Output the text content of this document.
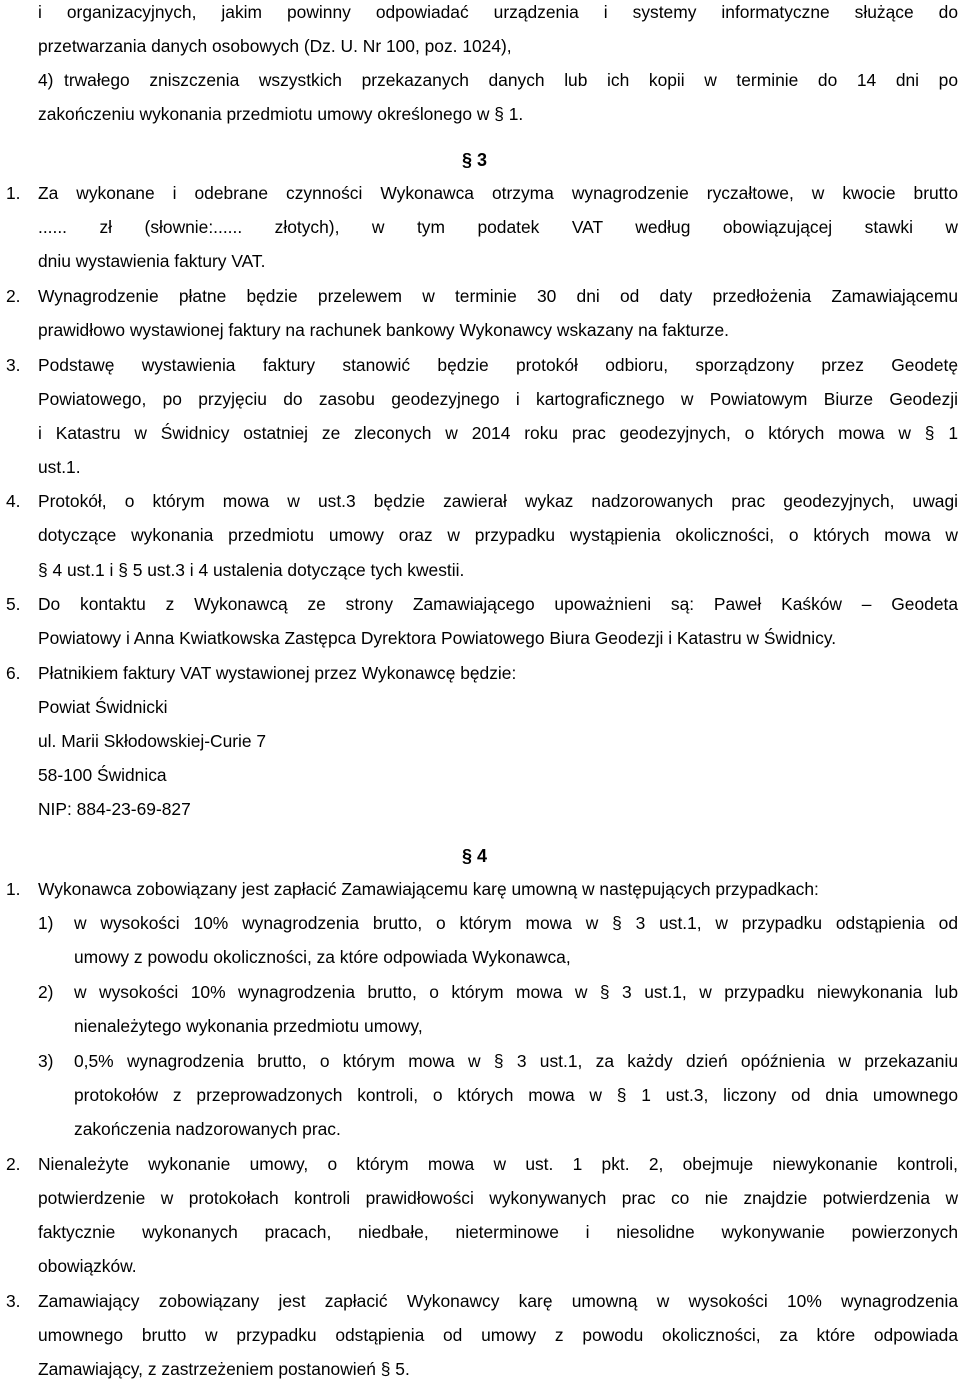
i organizacyjnych, jakim powinny odpowiadać urządzenia i systemy informatyczne służące do
przetwarzania danych osobowych (Dz. U. Nr 100, poz. 1024),
4) trwałego zniszczenia wszystkich przekazanych danych lub ich kopii w terminie do 14 dni po
zakończeniu wykonania przedmiotu umowy określonego w § 1.
§ 3
1. Za wykonane i odebrane czynności Wykonawca otrzyma wynagrodzenie ryczałtowe, w kwocie brutto
...... zł (słownie:...... złotych), w tym podatek VAT według obowiązującej stawki w
dniu wystawienia faktury VAT.
2. Wynagrodzenie płatne będzie przelewem w terminie 30 dni od daty przedłożenia Zamawiającemu
prawidłowo wystawionej faktury na rachunek bankowy Wykonawcy wskazany na fakturze.
3. Podstawę wystawienia faktury stanowić będzie protokół odbioru, sporządzony przez Geodetę
Powiatowego, po przyjęciu do zasobu geodezyjnego i kartograficznego w Powiatowym Biurze Geodezji
i Katastru w Świdnicy ostatniej ze zleconych w 2014 roku prac geodezyjnych, o których mowa w § 1
ust.1.
4. Protokół, o którym mowa w ust.3 będzie zawierał wykaz nadzorowanych prac geodezyjnych, uwagi
dotyczące wykonania przedmiotu umowy oraz w przypadku wystąpienia okoliczności, o których mowa w
§ 4 ust.1 i § 5 ust.3 i 4 ustalenia dotyczące tych kwestii.
5. Do kontaktu z Wykonawcą ze strony Zamawiającego upoważnieni są: Paweł Kaśków – Geodeta
Powiatowy i Anna Kwiatkowska Zastępca Dyrektora Powiatowego Biura Geodezji i Katastru w Świdnicy.
6. Płatnikiem faktury VAT wystawionej przez Wykonawcę będzie:
Powiat Świdnicki
ul. Marii Skłodowskiej-Curie 7
58-100 Świdnica
NIP: 884-23-69-827
§ 4
1. Wykonawca zobowiązany jest zapłacić Zamawiającemu karę umowną w następujących przypadkach:
1) w wysokości 10% wynagrodzenia brutto, o którym mowa w § 3 ust.1, w przypadku odstąpienia od
umowy z powodu okoliczności, za które odpowiada Wykonawca,
2) w wysokości 10% wynagrodzenia brutto, o którym mowa w § 3 ust.1, w przypadku niewykonania lub
nienależytego wykonania przedmiotu umowy,
3) 0,5% wynagrodzenia brutto, o którym mowa w § 3 ust.1, za każdy dzień opóźnienia w przekazaniu
protokołów z przeprowadzonych kontroli, o których mowa w § 1 ust.3, liczony od dnia umownego
zakończenia nadzorowanych prac.
2. Nienależyte wykonanie umowy, o którym mowa w ust. 1 pkt. 2, obejmuje niewykonanie kontroli,
potwierdzenie w protokołach kontroli prawidłowości wykonywanych prac co nie znajdzie potwierdzenia w
faktycznie wykonanych pracach, niedbałe, nieterminowe i niesolidne wykonywanie powierzonych
obowiązków.
3. Zamawiający zobowiązany jest zapłacić Wykonawcy karę umowną w wysokości 10% wynagrodzenia
umownego brutto w przypadku odstąpienia od umowy z powodu okoliczności, za które odpowiada
Zamawiający, z zastrzeżeniem postanowień § 5.
